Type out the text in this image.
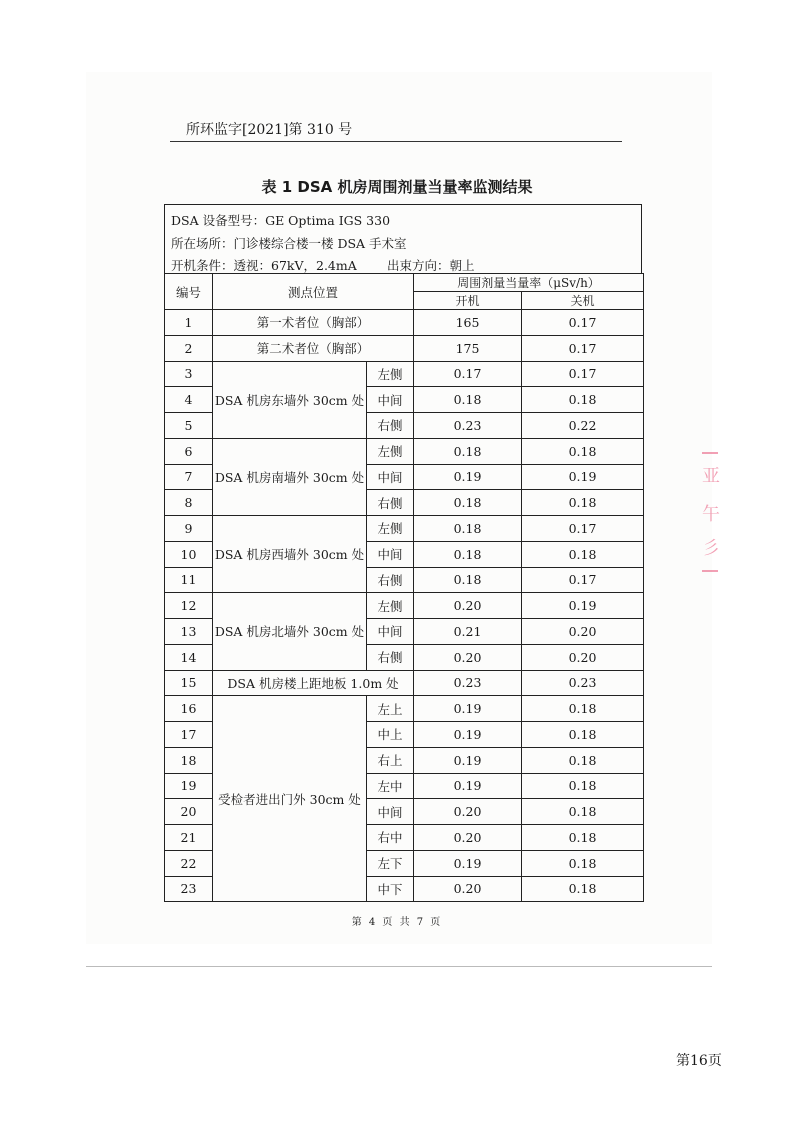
所环监字[2021]第 310 号
表 1 DSA 机房周围剂量当量率监测结果
DSA 设备型号：GE Optima IGS 330
所在场所：门诊楼综合楼一楼 DSA 手术室
开机条件：透视：67kV，2.4mA 出束方向：朝上
编号	测点位置		周围剂量当量率（μSv/h）	
			开机	关机
1	第一术者位（胸部）		165	0.17
2	第二术者位（胸部）		175	0.17
3	DSA 机房东墙外 30cm 处	左侧	0.17	0.17
4		中间	0.18	0.18
5		右侧	0.23	0.22
6	DSA 机房南墙外 30cm 处	左侧	0.18	0.18
7		中间	0.19	0.19
8		右侧	0.18	0.18
9	DSA 机房西墙外 30cm 处	左侧	0.18	0.17
10		中间	0.18	0.18
11		右侧	0.18	0.17
12	DSA 机房北墙外 30cm 处	左侧	0.20	0.19
13		中间	0.21	0.20
14		右侧	0.20	0.20
15	DSA 机房楼上距地板 1.0m 处		0.23	0.23
16	受检者进出门外 30cm 处	左上	0.19	0.18
17		中上	0.19	0.18
18		右上	0.19	0.18
19		左中	0.19	0.18
20		中间	0.20	0.18
21		右中	0.20	0.18
22		左下	0.19	0.18
23		中下	0.20	0.18
第 4 页 共 7 页
第16页
亚
午
彡
